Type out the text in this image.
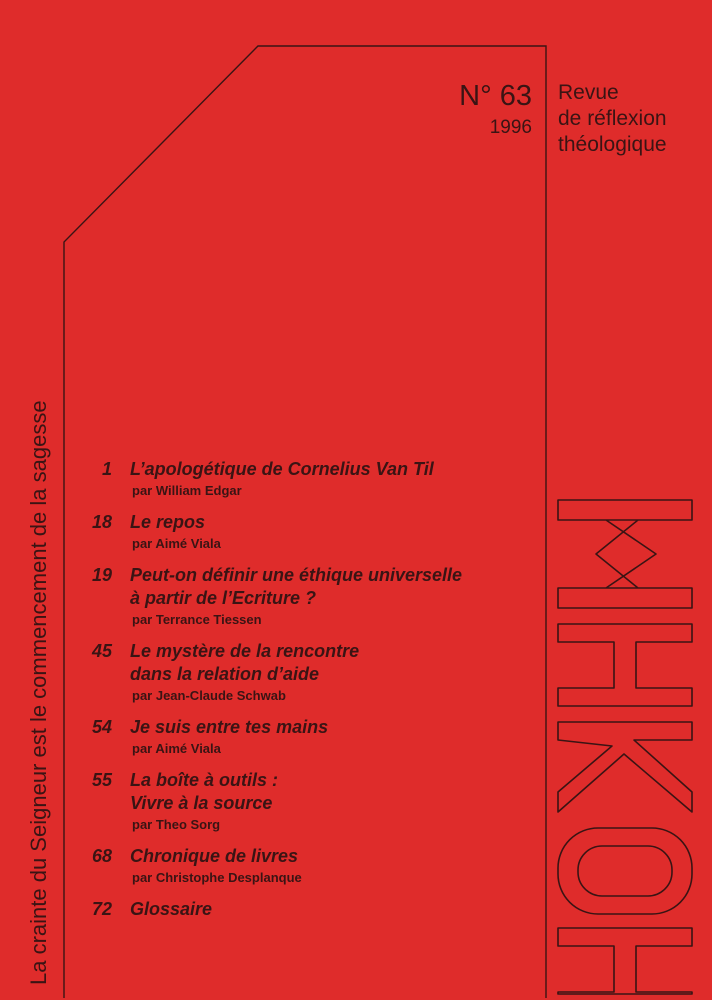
N° 63
1996
Revue
de réflexion
théologique
La crainte du Seigneur est le commencement de la sagesse	1 L’apologétique de Cornelius Van Til
par William Edgar
18 Le repos
par Aimé Viala
19 Peut-on définir une éthique universelle
à partir de l’Ecriture ?
par Terrance Tiessen
45 Le mystère de la rencontre
dans la relation d’aide
par Jean-Claude Schwab
54 Je suis entre tes mains
par Aimé Viala
55 La boîte à outils :
Vivre à la source
par Theo Sorg
68 Chronique de livres
par Christophe Desplanque
72 Glossaire
